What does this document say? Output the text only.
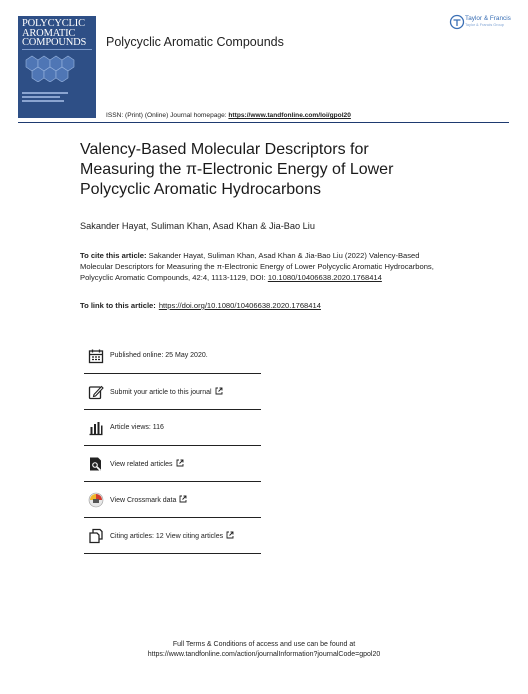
POLYCYCLIC
AROMATIC
COMPOUNDS	Polycyclic Aromatic Compounds
Taylor & Francis
Taylor & Francis Group
ISSN: (Print) (Online) Journal homepage: https://www.tandfonline.com/loi/gpol20
Valency-Based Molecular Descriptors for Measuring the π-Electronic Energy of Lower Polycyclic Aromatic Hydrocarbons
Sakander Hayat, Suliman Khan, Asad Khan & Jia-Bao Liu
To cite this article: Sakander Hayat, Suliman Khan, Asad Khan & Jia-Bao Liu (2022) Valency-Based Molecular Descriptors for Measuring the π-Electronic Energy of Lower Polycyclic Aromatic Hydrocarbons, Polycyclic Aromatic Compounds, 42:4, 1113-1129, DOI: 10.1080/10406638.2020.1768414
To link to this article: https://doi.org/10.1080/10406638.2020.1768414
Published online: 25 May 2020.
Submit your article to this journal
Article views: 116
View related articles
View Crossmark data
Citing articles: 12 View citing articles
Full Terms & Conditions of access and use can be found at
https://www.tandfonline.com/action/journalInformation?journalCode=gpol20
